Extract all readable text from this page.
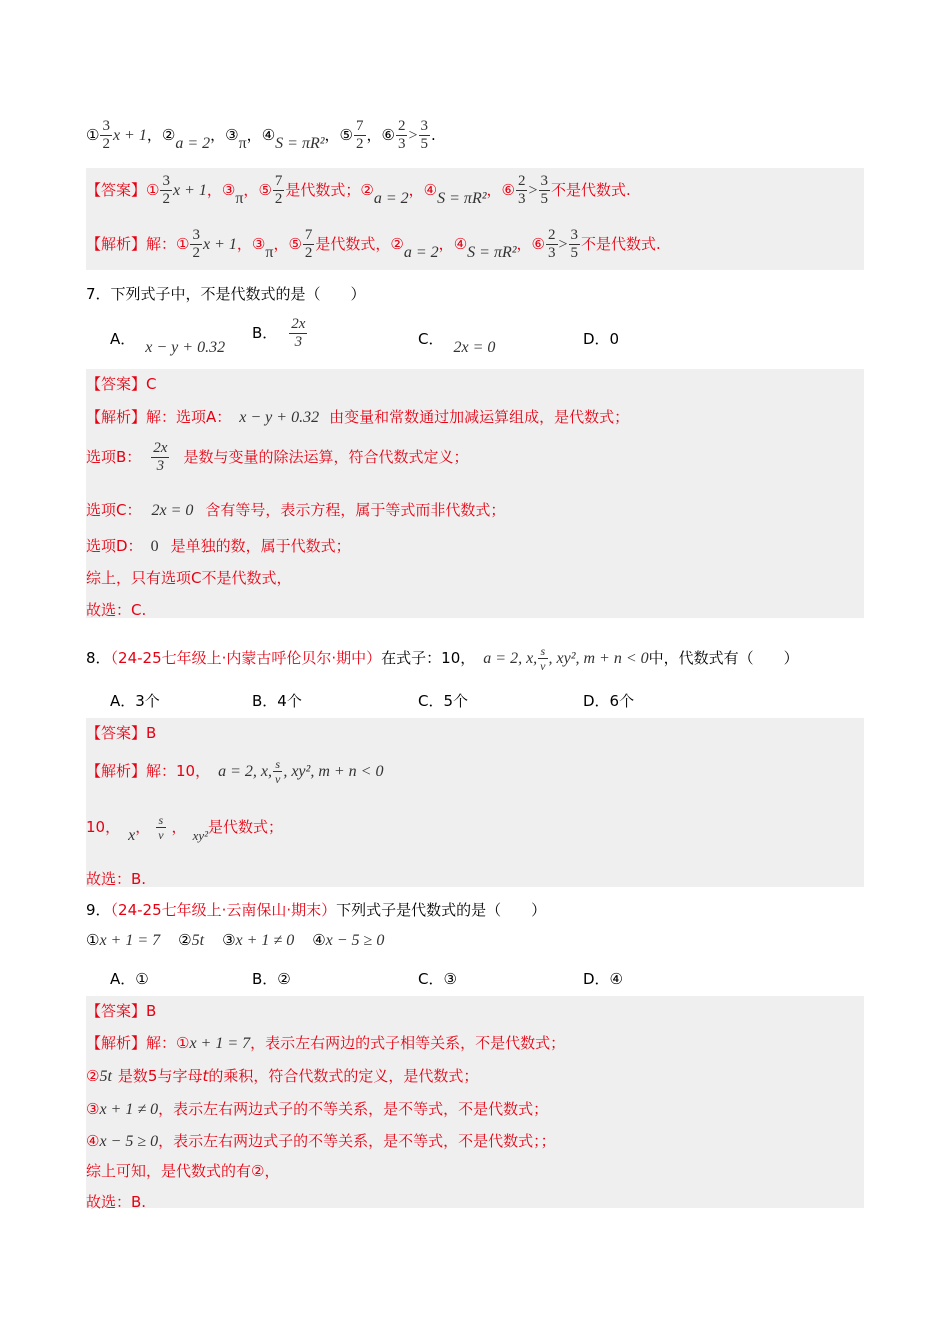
① $\frac{3}{2}$ x + 1，②a = 2，③π，④S = πR²，⑤ $\frac{7}{2}$ ，⑥ $\frac{2}{3} > \frac{3}{5}$ .
【答案】① $\frac{3}{2}$ x + 1，③π，⑤ $\frac{7}{2}$ 是代数式；②a = 2，④S = πR²，⑥ $\frac{2}{3} > \frac{3}{5}$ 不是代数式.
【解析】解：① $\frac{3}{2}$ x + 1，③π，⑤ $\frac{7}{2}$ 是代数式，②a = 2，④S = πR²，⑥ $\frac{2}{3} > \frac{3}{5}$ 不是代数式.
7．下列式子中，不是代数式的是（　　）
A． x − y + 0.32
B． $\frac{2x}{3}$	C． 2x = 0	D．0
【答案】C
【解析】解：选项A： x − y + 0.32 由变量和常数通过加减运算组成，是代数式；
选项B： $\frac{2x}{3}$ 是数与变量的除法运算，符合代数式定义；
选项C： 2x = 0 含有等号，表示方程，属于等式而非代数式；
选项D： 0 是单独的数，属于代数式；
综上，只有选项C不是代数式，
故选：C.
8．（24-25七年级上·内蒙古呼伦贝尔·期中）在式子：10， a = 2, x, $\frac{s}{v}$ , xy², m + n < 0中，代数式有（　　）
A．3个	B．4个	C．5个	D．6个
【答案】B
【解析】解：10， a = 2, x, $\frac{s}{v}$ , xy², m + n < 0
10， x， $\frac{s}{v}$ ， xy²是代数式；
故选：B.
9．（24-25七年级上·云南保山·期末）下列式子是代数式的是（　　）
①x + 1 = 7 ②5t ③x + 1 ≠ 0 ④x − 5 ≥ 0
A．①	B．②	C．③	D．④
【答案】B
【解析】解：①x + 1 = 7，表示左右两边的式子相等关系，不是代数式；
②5t 是数5与字母t的乘积，符合代数式的定义，是代数式；
③x + 1 ≠ 0，表示左右两边式子的不等关系，是不等式，不是代数式；
④x − 5 ≥ 0，表示左右两边式子的不等关系，是不等式，不是代数式；；
综上可知，是代数式的有②，
故选：B.
